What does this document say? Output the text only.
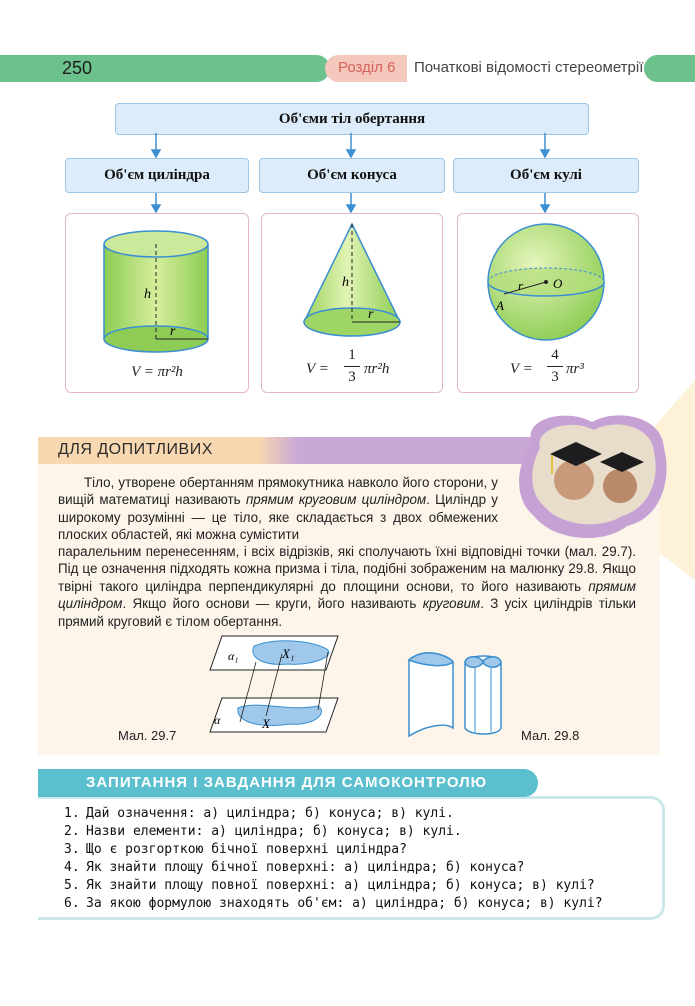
250	Розділ 6 Початкові відомості стереометрії
Об'єми тіл обертання
Об'єм циліндра	Об'єм конуса	Об'єм кулі
h
r
V = πr²h
h
r
V =
1
3 πr²h
O
r
A
V =
4
3 πr³
ДЛЯ ДОПИТЛИВИХ
Тіло, утворене обертанням прямокутника навколо його сторони, у вищій математиці називають прямим круговим циліндром. Циліндр у широкому розумінні — це тіло, яке складається з двох обмежених плоских областей, які можна сумістити
паралельним перенесенням, і всіх відрізків, які сполучають їхні відповідні точки (мал. 29.7). Під це означення підходять кожна призма і тіла, подібні зображеним на малюнку 29.8. Якщо твірні такого циліндра перпендикулярні до площини основи, то його називають прямим циліндром. Якщо його основи — круги, його називають круговим. З усіх циліндрів тільки прямий круговий є тілом обертання.
α₁
α
X₁
X
Мал. 29.7	Мал. 29.8
ЗАПИТАННЯ І ЗАВДАННЯ ДЛЯ САМОКОНТРОЛЮ
1. Дай означення: а) циліндра; б) конуса; в) кулі.
2. Назви елементи: а) циліндра; б) конуса; в) кулі.
3. Що є розгорткою бічної поверхні циліндра?
4. Як знайти площу бічної поверхні: а) циліндра; б) конуса?
5. Як знайти площу повної поверхні: а) циліндра; б) конуса; в) кулі?
6. За якою формулою знаходять об'єм: а) циліндра; б) конуса; в) кулі?
